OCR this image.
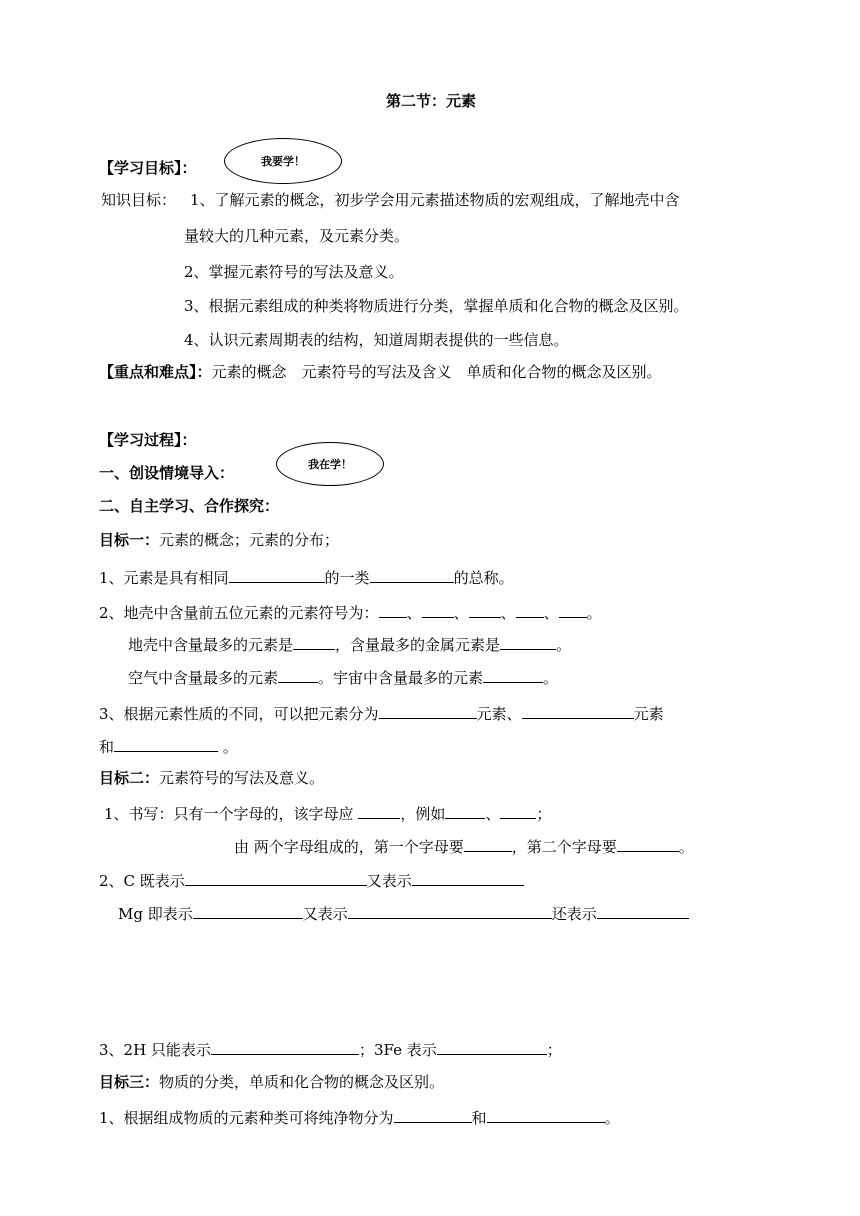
第二节：元素
【学习目标】：	我要学！
知识目标： 1、了解元素的概念，初步学会用元素描述物质的宏观组成，了解地壳中含
量较大的几种元素，及元素分类。
2、掌握元素符号的写法及意义。
3、根据元素组成的种类将物质进行分类，掌握单质和化合物的概念及区别。
4、认识元素周期表的结构，知道周期表提供的一些信息。
【重点和难点】：元素的概念　元素符号的写法及含义　单质和化合物的概念及区别。
【学习过程】：
一、创设情境导入：	我在学！
二、自主学习、合作探究：
目标一：元素的概念；元素的分布；
1、元素是具有相同	的一类	的总称。
2、地壳中含量前五位元素的元素符号为： 、 、 、 、 。
地壳中含量最多的元素是	，含量最多的金属元素是	。
空气中含量最多的元素	。宇宙中含量最多的元素	。
3、根据元素性质的不同，可以把元素分为	元素、	元素
和	。
目标二：元素符号的写法及意义。
1、书写：只有一个字母的，该字母应	，例如	、 ；
由 两个字母组成的，第一个字母要	，第二个字母要	。
2、C 既表示	又表示
Mg 即表示	又表示	还表示
3、2H 只能表示	；3Fe 表示	；
目标三：物质的分类，单质和化合物的概念及区别。
1、根据组成物质的元素种类可将纯净物分为	和	。
